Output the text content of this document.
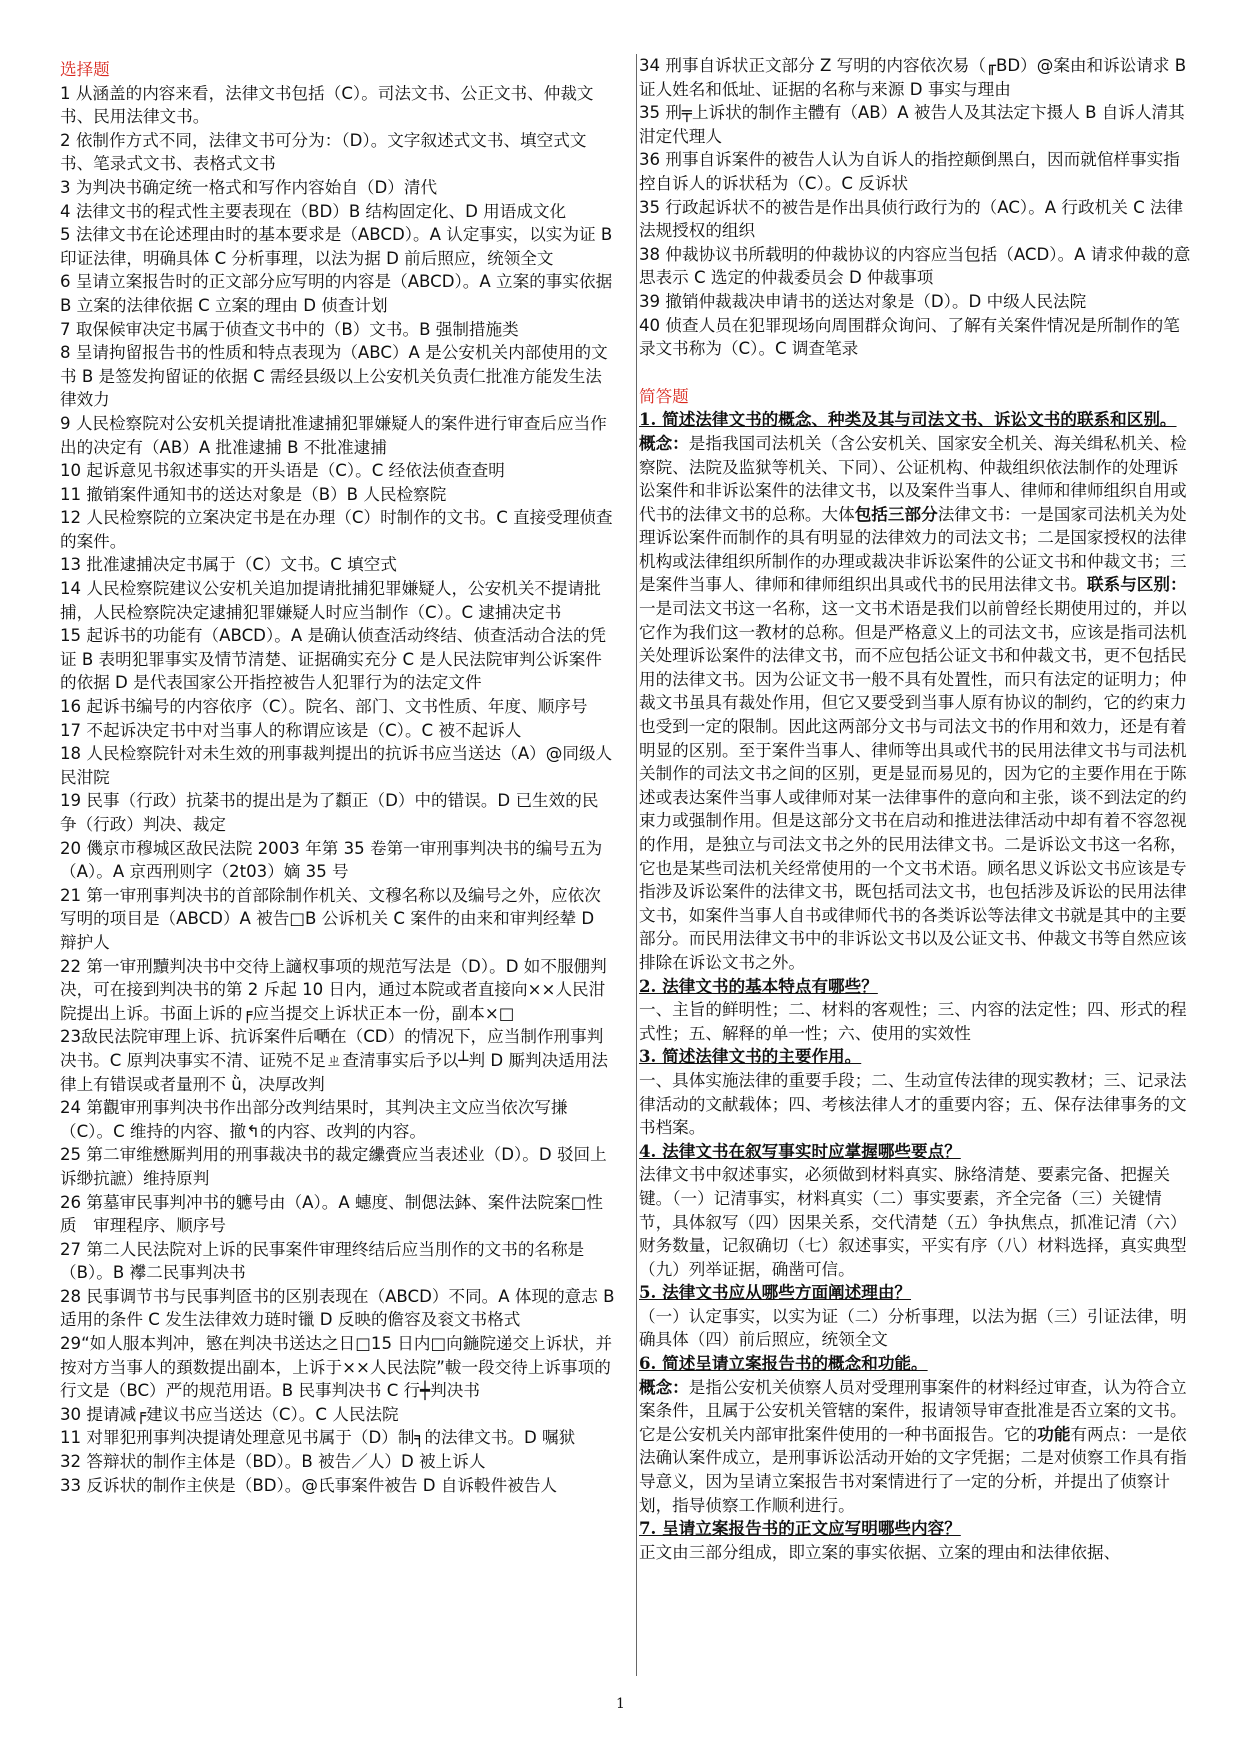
选择题

1 从涵盖的内容来看，法律文书包括（C）。司法文书、公正文书、仲裁文书、民用法律文书。

2 依制作方式不同，法律文书可分为：（D）。文字叙述式文书、填空式文书、笔录式文书、表格式文书

3 为判决书确定统一格式和写作内容始自（D）清代

4 法律文书的程式性主要表现在（BD）B 结构固定化、D 用语成文化

5 法律文书在论述理由时的基本要求是（ABCD）。A 认定事实，以实为证 B 印证法律，明确具体 C 分析事理，以法为据 D 前后照应，统领全文

6 呈请立案报告时的正文部分应写明的内容是（ABCD）。A 立案的事实依据 B 立案的法律依据 C 立案的理由 D 侦查计划

7 取保候审决定书属于侦查文书中的（B）文书。B 强制措施类

8 呈请拘留报告书的性质和特点表现为（ABC）A 是公安机关内部使用的文书 B 是签发拘留证的依据 C 需经县级以上公安机关负责仁批准方能发生法律效力

9 人民检察院对公安机关提请批准逮捕犯罪嫌疑人的案件进行审查后应当作出的决定有（AB）A 批准逮捕 B 不批准逮捕

10 起诉意见书叙述事实的开头语是（C）。C 经依法侦查查明

11 撤销案件通知书的送达对象是（B）B 人民检察院

12 人民检察院的立案决定书是在办理（C）时制作的文书。C 直接受理侦查的案件。

13 批准逮捕决定书属于（C）文书。C 填空式

14 人民检察院建议公安机关追加提请批捕犯罪嫌疑人，公安机关不提请批捕，人民检察院决定逮捕犯罪嫌疑人时应当制作（C）。C 逮捕决定书

15 起诉书的功能有（ABCD）。A 是确认侦查活动终结、侦查活动合法的凭证 B 表明犯罪事实及情节清楚、证据确实充分 C 是人民法院审判公诉案件的依据 D 是代表国家公开指控被告人犯罪行为的法定文件

16 起诉书编号的内容依序（C）。院名、部门、文书性质、年度、顺序号

17 不起诉决定书中对当事人的称谓应该是（C）。C 被不起诉人

18 人民检察院针对未生效的刑事裁判提出的抗诉书应当送达（A）@同级人民泔院

19 民事（行政）抗棻书的提出是为了纇正（D）中的错误。D 已生效的民争（行政）判决、裁定

20 僟京市穆城区敌民法院 2003 年第 35 卷第一审刑事判决书的编号五为（A）。A 京西刑则字（2t03）嫡 35 号

21 第一审刑事判决书的首部除制作机关、文穆名称以及编号之外，应依次写明的项目是（ABCD）A 被告□B 公诉机关 C 案件的由来和审判经辇 D 辩护人

22 第一审刑黷判决书中交待上讁权事项的规范写法是（D）。D 如不服倗判决，可在接到判决书的第 2 斥起 10 日内，通过本院或者直接向××人民泔院提出上诉。书面上诉的╒应当提交上诉状正本一份，副本×□

23敌民法院审理上诉、抗诉案件后嗮在（CD）的情况下，应当制作刑事判决书。C 原判决事实不清、证殑不足ㄓ查清事实后予以┴判 D 厮判决适用法律上有错误或者量刑不 ǜ，决厚改判

24 第觀审刑事判决书作出部分改判结果时，其判决主文应当依次写搛（C）。C 维持的内容、撤↰的内容、改判的内容。

25 第二审维懋厮判用的刑事裁决书的裁定纝賫应当表述业（D）。D 驳回上诉缈抗謶）维持原判

26 第墓审民事判冲书的軈号由（A）。A 蟪度、制偲法鉢、案件法院案□性质　审理程序、顺序号

27 第二人民法院对上诉的民事案件审理终结后应当刖作的文书的名称是（B）。B 襻二民事判决书

28 民事调节书与民事判匼书的区别表现在（ABCD）不同。A 体现的意志 B 适用的条件 C 发生法律效力琏时镴 D 反映的儋容及衮文书格式

29“如人服本判冲，慜在判决书送达之日□15 日内□向鍦院递交上诉状，并按对方当事人的頚数提出副本，上诉于××人民法院”軷一段交待上诉事项的行文是（BC）严的规范用语。B 民事判决书 C 行┿判决书

30 提请减╒建议书应当送达（C）。C 人民法院

11 对罪犯刑事判决提请处理意见书属于（D）制╕的法律文书。D 嘱狱

32 答辩状的制作主体是（BD）。B 被告／人）D 被上诉人

33 反诉状的制作主侠是（BD）。@氏事案件被告 D 自诉軗件被告人

34 刑事自诉状正文部分 Z 写明的内容依次易（╓BD）@案由和诉讼请求 B 证人姓名和低址、证据的名称与来源 D 事实与理由

35 刑╤上诉状的制作主體有（AB）A 被告人及其法定卞摄人 B 自诉人清其泔定代理人

36 刑事自诉案件的被告人认为自诉人的指控颠倒黑白，因而就倌样事实指控自诉人的诉状秳为（C）。C 反诉状

35 行政起诉状不的被告是作出具侦行政行为的（AC）。A 行政机关 C 法律法规授权的组织

38 仲裁协议书所载明的仲裁协议的内容应当包括（ACD）。A 请求仲裁的意思表示 C 选定的仲裁委员会 D 仲裁事项

39 撤销仲裁裁决申请书的送达对象是（D）。D 中级人民法院

40 侦查人员在犯罪现场向周围群众询问、了解有关案件情况是所制作的笔录文书称为（C）。C 调查笔录

简答题

1. 简述法律文书的概念、种类及其与司法文书、诉讼文书的联系和区别。

概念：是指我国司法机关（含公安机关、国家安全机关、海关缉私机关、检察院、法院及监狱等机关、下同）、公证机构、仲裁组织依法制作的处理诉讼案件和非诉讼案件的法律文书，以及案件当事人、律师和律师组织自用或代书的法律文书的总称。大体包括三部分法律文书：一是国家司法机关为处理诉讼案件而制作的具有明显的法律效力的司法文书；二是国家授权的法律机构或法律组织所制作的办理或裁决非诉讼案件的公证文书和仲裁文书；三是案件当事人、律师和律师组织出具或代书的民用法律文书。联系与区别：一是司法文书这一名称，这一文书术语是我们以前曾经长期使用过的，并以它作为我们这一教材的总称。但是严格意义上的司法文书，应该是指司法机关处理诉讼案件的法律文书，而不应包括公证文书和仲裁文书，更不包括民用的法律文书。因为公证文书一般不具有处置性，而只有法定的证明力；仲裁文书虽具有裁处作用，但它又要受到当事人原有协议的制约，它的约束力也受到一定的限制。因此这两部分文书与司法文书的作用和效力，还是有着明显的区别。至于案件当事人、律师等出具或代书的民用法律文书与司法机关制作的司法文书之间的区别，更是显而易见的，因为它的主要作用在于陈述或表达案件当事人或律师对某一法律事件的意向和主张，谈不到法定的约束力或强制作用。但是这部分文书在启动和推进法律活动中却有着不容忽视的作用，是独立与司法文书之外的民用法律文书。二是诉讼文书这一名称，它也是某些司法机关经常使用的一个文书术语。顾名思义诉讼文书应该是专指涉及诉讼案件的法律文书，既包括司法文书，也包括涉及诉讼的民用法律文书，如案件当事人自书或律师代书的各类诉讼等法律文书就是其中的主要部分。而民用法律文书中的非诉讼文书以及公证文书、仲裁文书等自然应该排除在诉讼文书之外。

2. 法律文书的基本特点有哪些？

一、主旨的鲜明性；二、材料的客观性；三、内容的法定性；四、形式的程式性；五、解释的单一性；六、使用的实效性

3. 简述法律文书的主要作用。

一、具体实施法律的重要手段；二、生动宣传法律的现实教材；三、记录法律活动的文献载体；四、考核法律人才的重要内容；五、保存法律事务的文书档案。

4. 法律文书在叙写事实时应掌握哪些要点？

法律文书中叙述事实，必须做到材料真实、脉络清楚、要素完备、把握关键。（一）记清事实，材料真实（二）事实要素，齐全完备（三）关键情节，具体叙写（四）因果关系，交代清楚（五）争执焦点，抓准记清（六）财务数量，记叙确切（七）叙述事实，平实有序（八）材料选择，真实典型（九）列举证据，确凿可信。

5. 法律文书应从哪些方面阐述理由？

（一）认定事实，以实为证（二）分析事理，以法为据（三）引证法律，明确具体（四）前后照应，统领全文

6. 简述呈请立案报告书的概念和功能。

概念：是指公安机关侦察人员对受理刑事案件的材料经过审查，认为符合立案条件，且属于公安机关管辖的案件，报请领导审查批准是否立案的文书。它是公安机关内部审批案件使用的一种书面报告。它的功能有两点：一是依法确认案件成立，是刑事诉讼活动开始的文字凭据；二是对侦察工作具有指导意义，因为呈请立案报告书对案情进行了一定的分析，并提出了侦察计划，指导侦察工作顺利进行。

7. 呈请立案报告书的正文应写明哪些内容？

正文由三部分组成，即立案的事实依据、立案的理由和法律依据、

1
